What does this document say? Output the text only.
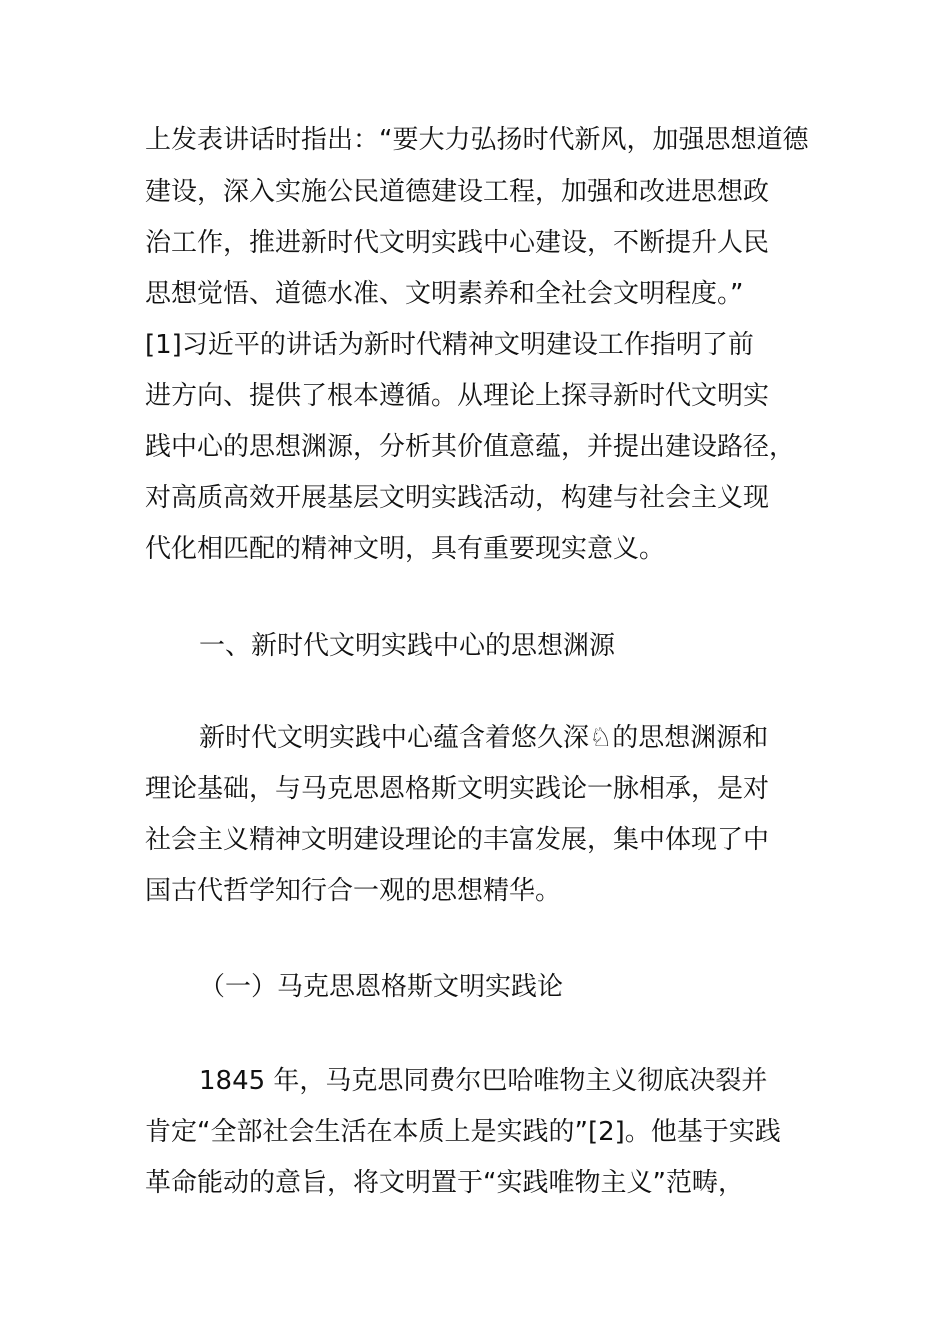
上发表讲话时指出：“要大力弘扬时代新风，加强思想道德
建设，深入实施公民道德建设工程，加强和改进思想政
治工作，推进新时代文明实践中心建设，不断提升人民
思想觉悟、道德水准、文明素养和全社会文明程度。”
[1]习近平的讲话为新时代精神文明建设工作指明了前
进方向、提供了根本遵循。从理论上探寻新时代文明实
践中心的思想渊源，分析其价值意蕴，并提出建设路径，
对高质高效开展基层文明实践活动，构建与社会主义现
代化相匹配的精神文明，具有重要现实意义。
一、新时代文明实践中心的思想渊源
新时代文明实践中心蕴含着悠久深♘的思想渊源和
理论基础，与马克思恩格斯文明实践论一脉相承，是对
社会主义精神文明建设理论的丰富发展，集中体现了中
国古代哲学知行合一观的思想精华。
（一）马克思恩格斯文明实践论
1845 年，马克思同费尔巴哈唯物主义彻底决裂并
肯定“全部社会生活在本质上是实践的”[2]。他基于实践
革命能动的意旨，将文明置于“实践唯物主义”范畴，
